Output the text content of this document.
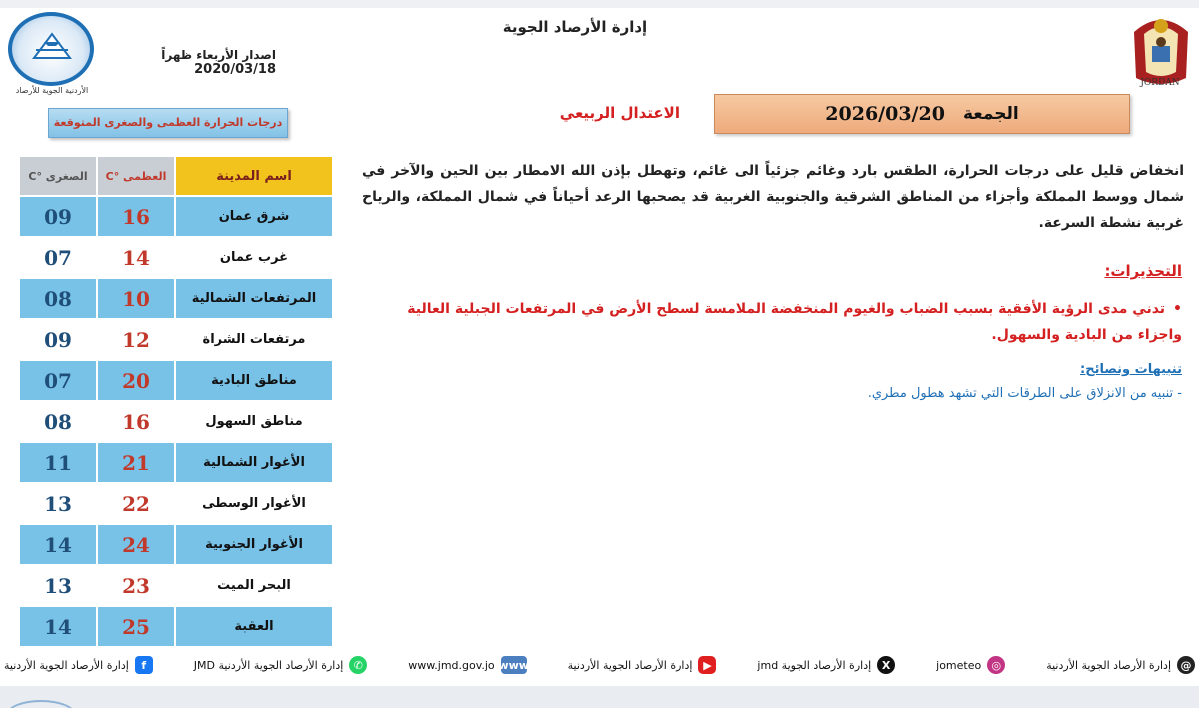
الأردنية الجوية للأرصاد
اصدار الأربعاء ظهراً 2020/03/18
إدارة الأرصاد الجوية
JORDAN
الجمعة
2026/03/20
الاعتدال الربيعي
درجات الحرارة العظمى والصغرى المتوقعة
اسم المدينة	العظمى °C	الصغرى °C
شرق عمان	16	09
غرب عمان	14	07
المرتفعات الشمالية	10	08
مرتفعات الشراة	12	09
مناطق البادية	20	07
مناطق السهول	16	08
الأغوار الشمالية	21	11
الأغوار الوسطى	22	13
الأغوار الجنوبية	24	14
البحر الميت	23	13
العقبة	25	14
انخفاض قليل على درجات الحرارة، الطقس بارد وغائم جزئياً الى غائم، وتهطل بإذن الله الامطار بين الحين والآخر في شمال ووسط المملكة وأجزاء من المناطق الشرقية والجنوبية الغربية قد يصحبها الرعد أحياناً في شمال المملكة، والرياح غربية نشطة السرعة.
التحذيرات:
•تدني مدى الرؤية الأفقية بسبب الضباب والغيوم المنخفضة الملامسة لسطح الأرض في المرتفعات الجبلية العالية واجزاء من البادية والسهول.
تنبيهات ونصائح:
- تنبيه من الانزلاق على الطرقات التي تشهد هطول مطري.
@
إدارة الأرصاد الجوية الأردنية
◎
jometeo
X
إدارة الأرصاد الجوية jmd
▶
إدارة الأرصاد الجوية الأردنية
www
www.jmd.gov.jo
✆
إدارة الأرصاد الجوية الأردنية JMD
f
إدارة الأرصاد الجوية الأردنية
